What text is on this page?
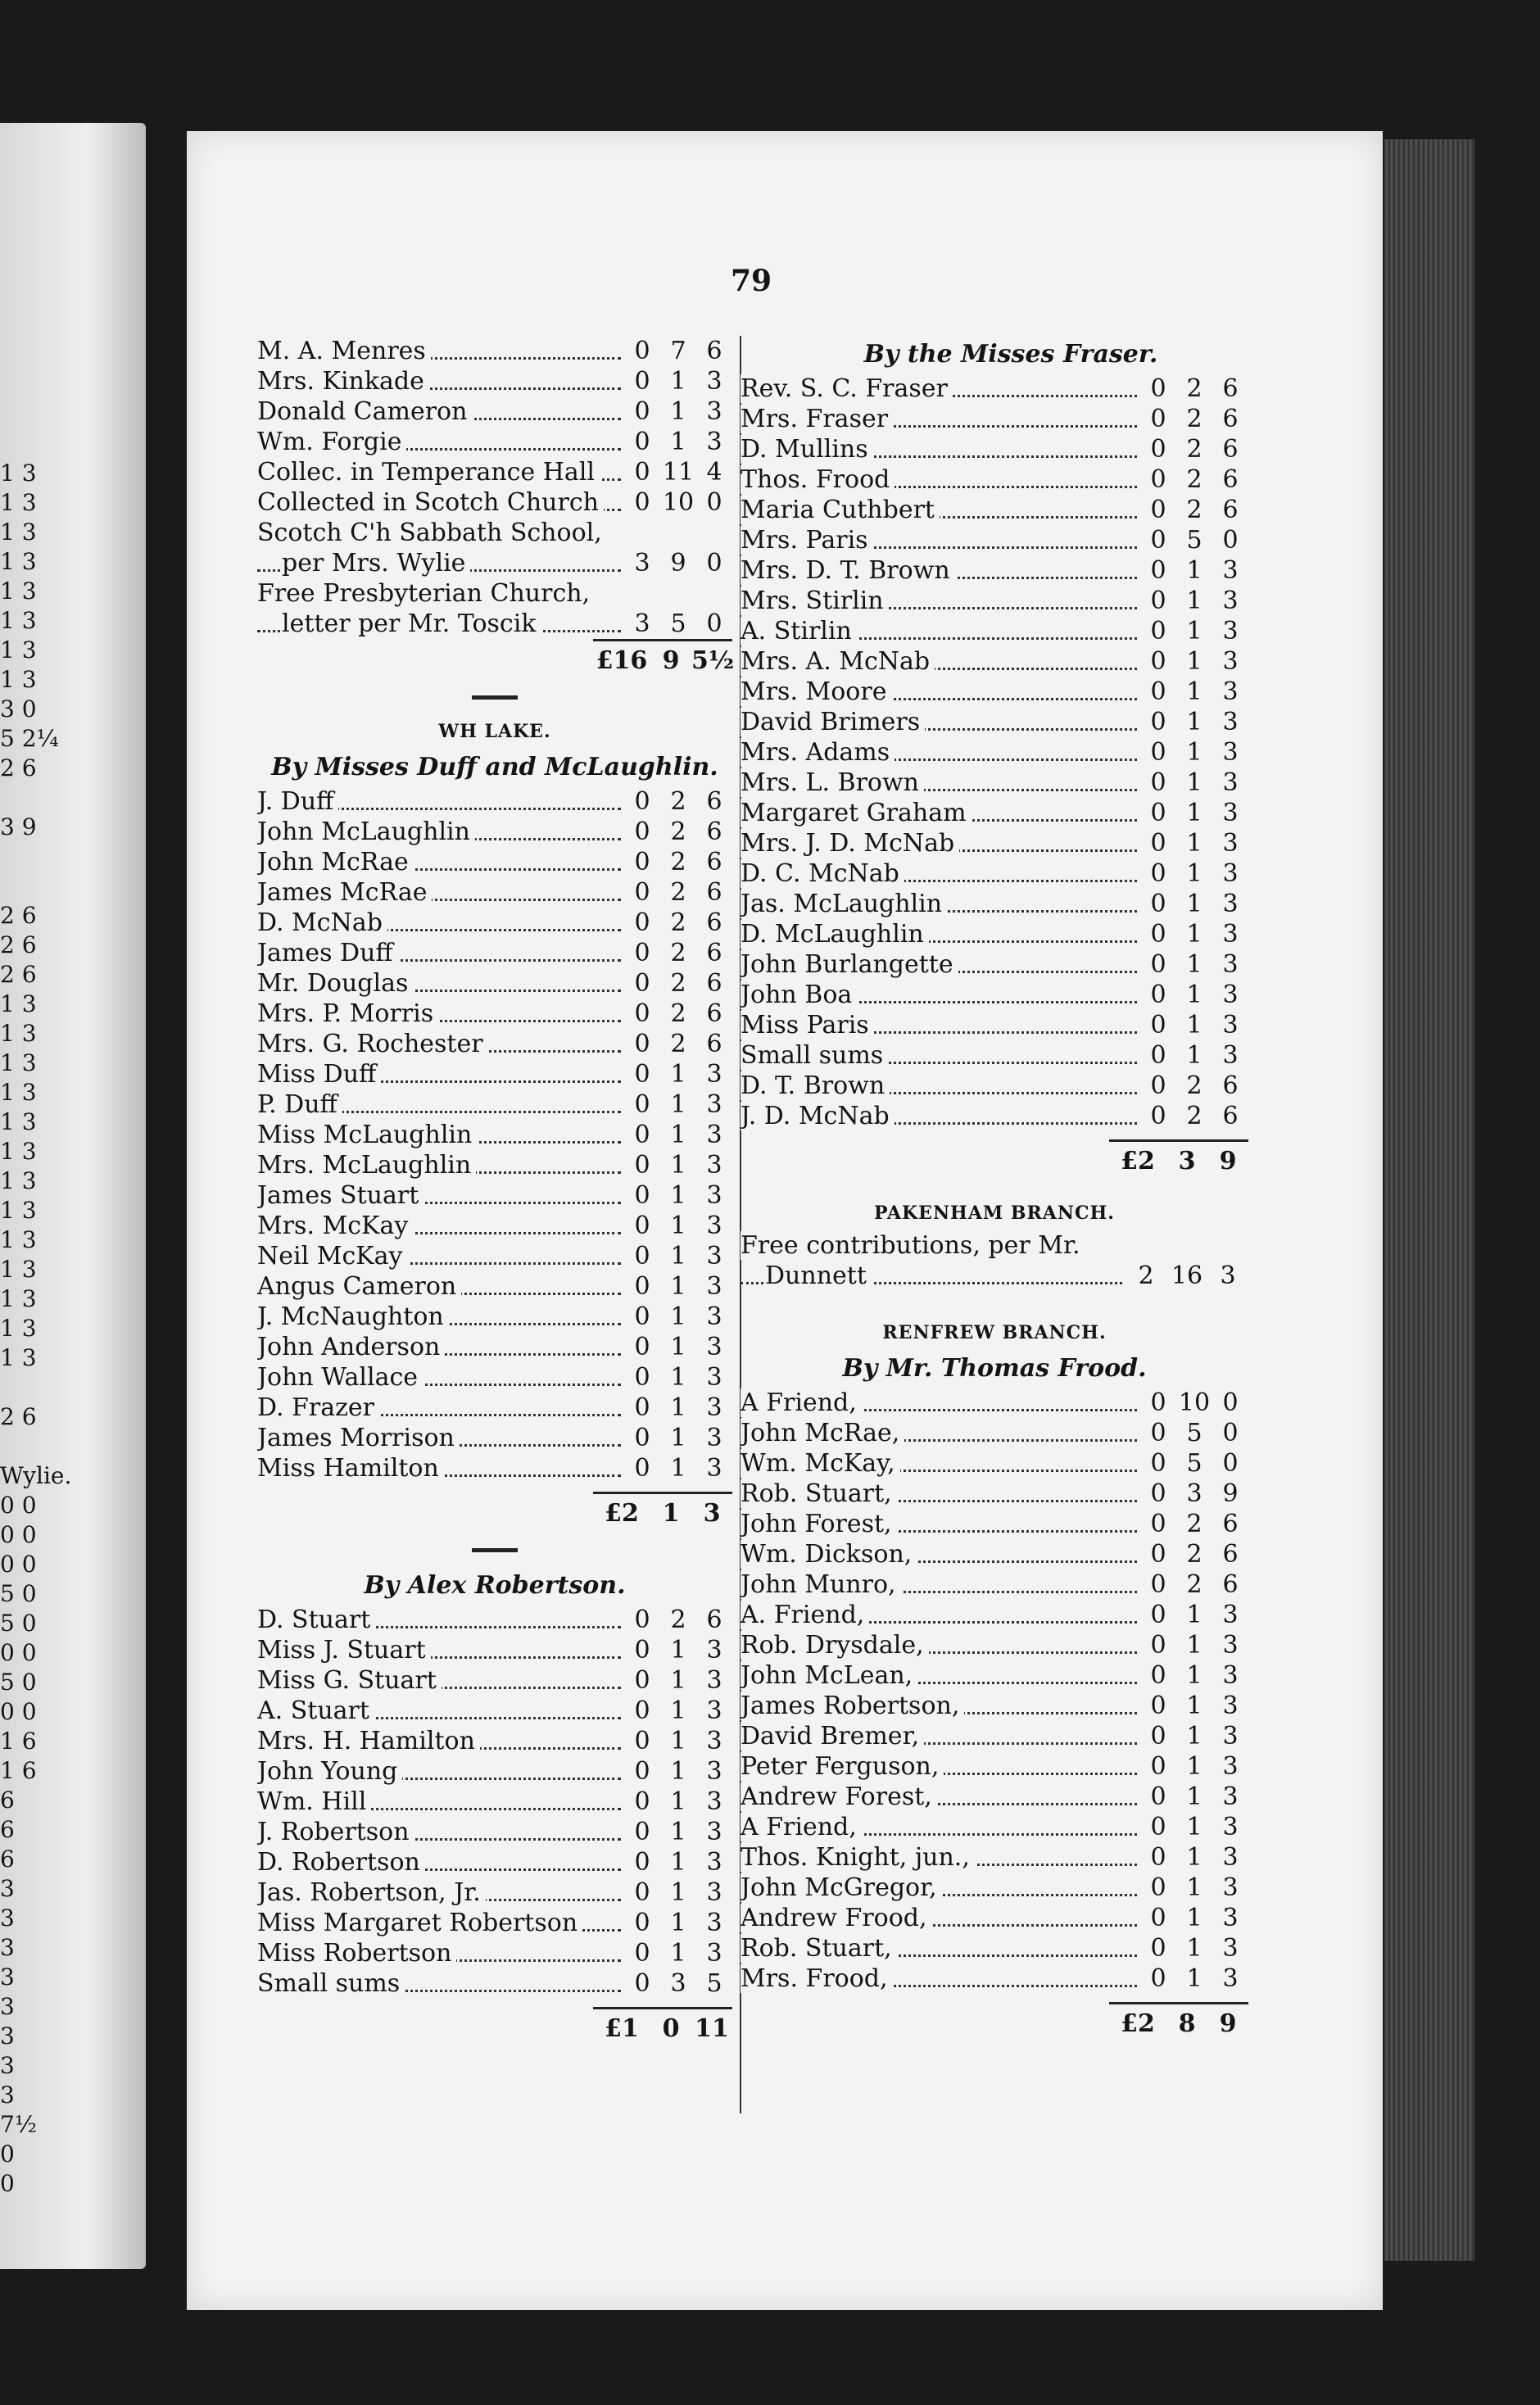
1 3
1 3
1 3
1 3
1 3
1 3
1 3
1 3
3 0
5 2¼
2 6
3 9
2 6
2 6
2 6
1 3
1 3
1 3
1 3
1 3
1 3
1 3
1 3
1 3
1 3
1 3
1 3
1 3
2 6
Wylie.
0 0
0 0
0 0
5 0
5 0
0 0
5 0
0 0
1 6
1 6
6
6
6
3
3
3
3
3
3
3
3
7½
0
0
79
M. A. Menres	0 7 6
Mrs. Kinkade	0 1 3
Donald Cameron	0 1 3
Wm. Forgie	0 1 3
Collec. in Temperance Hall	0 11 4
Collected in Scotch Church	0 10 0
Scotch C'h Sabbath School,
per Mrs. Wylie	3 9 0
Free Presbyterian Church,
letter per Mr. Toscik	3 5 0
£16 9 5½
WH LAKE.
By Misses Duff and McLaughlin.
J. Duff	0 2 6
John McLaughlin	0 2 6
John McRae	0 2 6
James McRae	0 2 6
D. McNab	0 2 6
James Duff	0 2 6
Mr. Douglas	0 2 6
Mrs. P. Morris	0 2 6
Mrs. G. Rochester	0 2 6
Miss Duff	0 1 3
P. Duff	0 1 3
Miss McLaughlin	0 1 3
Mrs. McLaughlin	0 1 3
James Stuart	0 1 3
Mrs. McKay	0 1 3
Neil McKay	0 1 3
Angus Cameron	0 1 3
J. McNaughton	0 1 3
John Anderson	0 1 3
John Wallace	0 1 3
D. Frazer	0 1 3
James Morrison	0 1 3
Miss Hamilton	0 1 3
£2 1 3
By Alex Robertson.
D. Stuart	0 2 6
Miss J. Stuart	0 1 3
Miss G. Stuart	0 1 3
A. Stuart	0 1 3
Mrs. H. Hamilton	0 1 3
John Young	0 1 3
Wm. Hill	0 1 3
J. Robertson	0 1 3
D. Robertson	0 1 3
Jas. Robertson, Jr.	0 1 3
Miss Margaret Robertson	0 1 3
Miss Robertson	0 1 3
Small sums	0 3 5
£1 0 11
By the Misses Fraser.
Rev. S. C. Fraser	0 2 6
Mrs. Fraser	0 2 6
D. Mullins	0 2 6
Thos. Frood	0 2 6
Maria Cuthbert	0 2 6
Mrs. Paris	0 5 0
Mrs. D. T. Brown	0 1 3
Mrs. Stirlin	0 1 3
A. Stirlin	0 1 3
Mrs. A. McNab	0 1 3
Mrs. Moore	0 1 3
David Brimers	0 1 3
Mrs. Adams	0 1 3
Mrs. L. Brown	0 1 3
Margaret Graham	0 1 3
Mrs. J. D. McNab	0 1 3
D. C. McNab	0 1 3
Jas. McLaughlin	0 1 3
D. McLaughlin	0 1 3
John Burlangette	0 1 3
John Boa	0 1 3
Miss Paris	0 1 3
Small sums	0 1 3
D. T. Brown	0 2 6
J. D. McNab	0 2 6
£2 3 9
PAKENHAM BRANCH.
Free contributions, per Mr.
Dunnett	2 16 3
RENFREW BRANCH.
By Mr. Thomas Frood.
A Friend,	0 10 0
John McRae,	0 5 0
Wm. McKay,	0 5 0
Rob. Stuart,	0 3 9
John Forest,	0 2 6
Wm. Dickson,	0 2 6
John Munro,	0 2 6
A. Friend,	0 1 3
Rob. Drysdale,	0 1 3
John McLean,	0 1 3
James Robertson,	0 1 3
David Bremer,	0 1 3
Peter Ferguson,	0 1 3
Andrew Forest,	0 1 3
A Friend,	0 1 3
Thos. Knight, jun.,	0 1 3
John McGregor,	0 1 3
Andrew Frood,	0 1 3
Rob. Stuart,	0 1 3
Mrs. Frood,	0 1 3
£2 8 9
